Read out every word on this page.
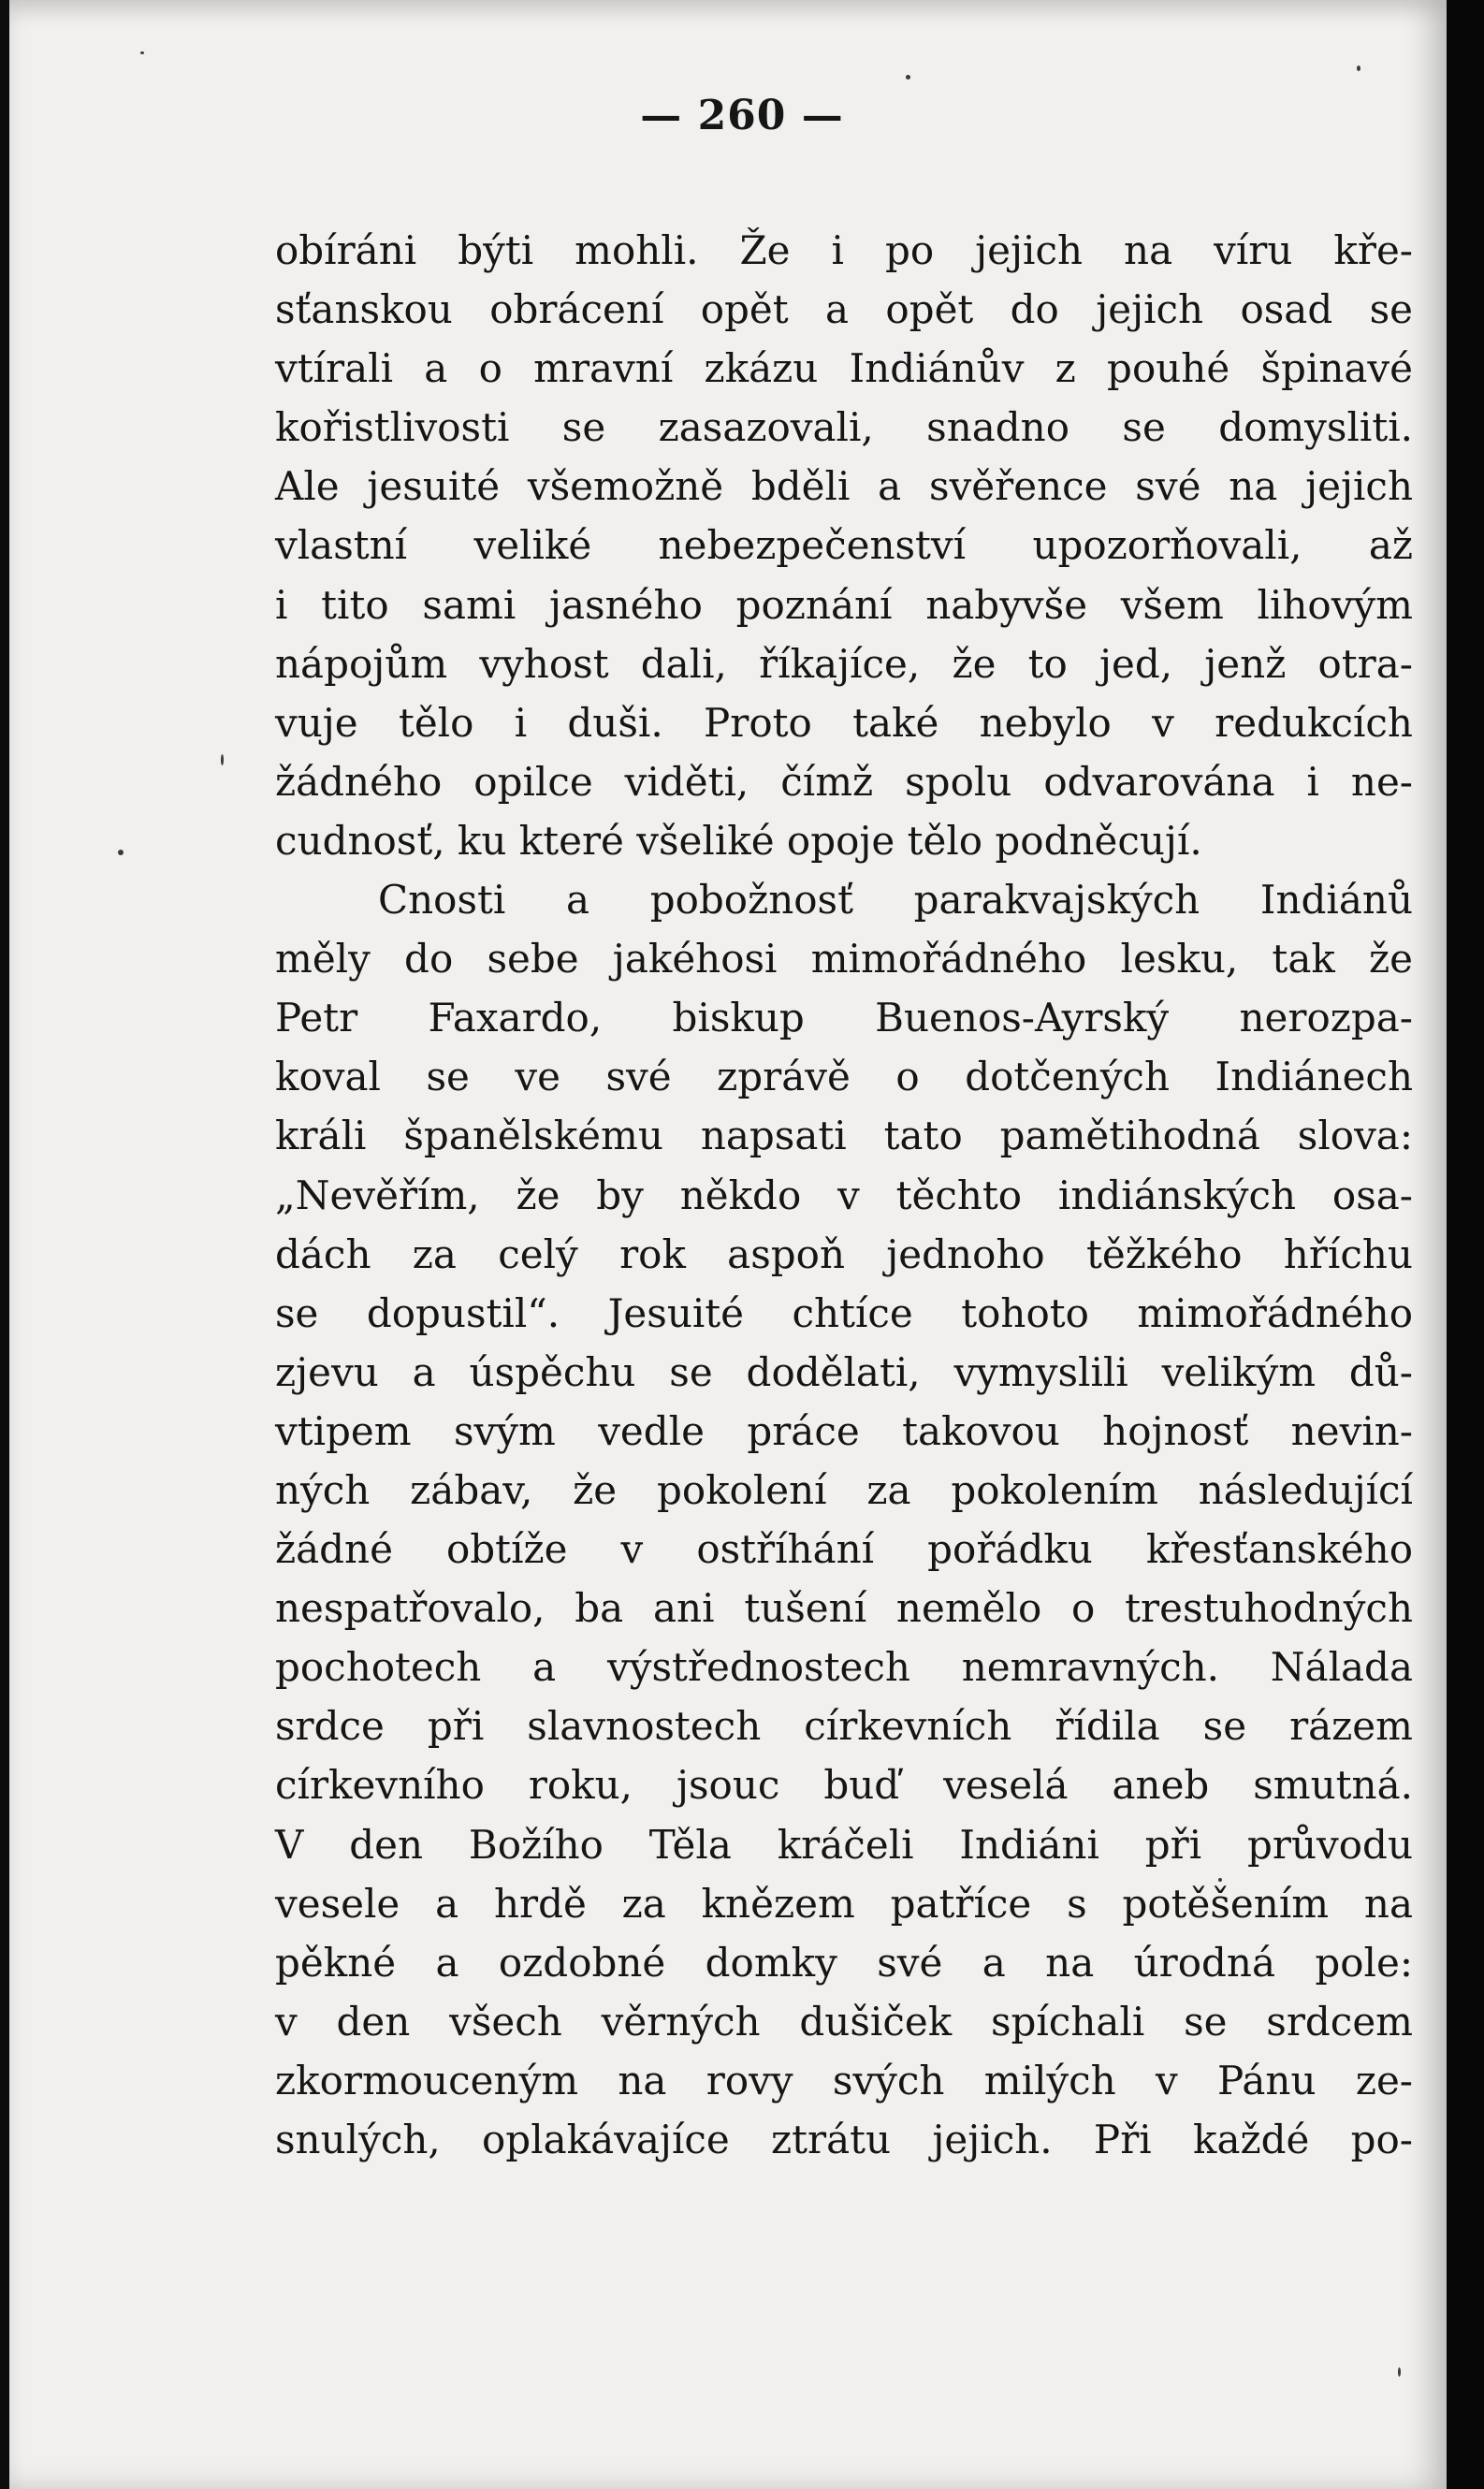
— 260 —
obíráni býti mohli. Že i po jejich na víru kře-
sťanskou obrácení opět a opět do jejich osad se
vtírali a o mravní zkázu Indiánův z pouhé špinavé
kořistlivosti se zasazovali, snadno se domysliti.
Ale jesuité všemožně bděli a svěřence své na jejich
vlastní veliké nebezpečenství upozorňovali, až
i tito sami jasného poznání nabyvše všem lihovým
nápojům vyhost dali, říkajíce, že to jed, jenž otra-
vuje tělo i duši. Proto také nebylo v redukcích
žádného opilce viděti, čímž spolu odvarována i ne-
cudnosť, ku které všeliké opoje tělo podněcují.
Cnosti a pobožnosť parakvajských Indiánů
měly do sebe jakéhosi mimořádného lesku, tak že
Petr Faxardo, biskup Buenos-Ayrský nerozpa-
koval se ve své zprávě o dotčených Indiánech
králi španělskému napsati tato pamětihodná slova:
„Nevěřím, že by někdo v těchto indiánských osa-
dách za celý rok aspoň jednoho těžkého hříchu
se dopustil“. Jesuité chtíce tohoto mimořádného
zjevu a úspěchu se dodělati, vymyslili velikým dů-
vtipem svým vedle práce takovou hojnosť nevin-
ných zábav, že pokolení za pokolením následující
žádné obtíže v ostříhání pořádku křesťanského
nespatřovalo, ba ani tušení nemělo o trestuhodných
pochotech a výstřednostech nemravných. Nálada
srdce při slavnostech církevních řídila se rázem
církevního roku, jsouc buď veselá aneb smutná.
V den Božího Těla kráčeli Indiáni při průvodu
vesele a hrdě za knězem patříce s potěšením na
pěkné a ozdobné domky své a na úrodná pole:
v den všech věrných dušiček spíchali se srdcem
zkormouceným na rovy svých milých v Pánu ze-
snulých, oplakávajíce ztrátu jejich. Při každé po-
